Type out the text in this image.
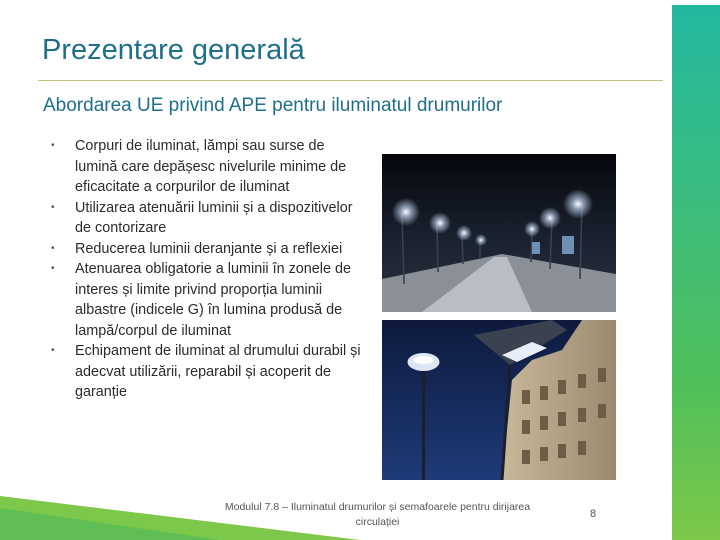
Prezentare generală
Abordarea UE privind APE pentru iluminatul drumurilor
• Corpuri de iluminat, lămpi sau surse de lumină care depășesc nivelurile minime de eficacitate a corpurilor de iluminat
• Utilizarea atenuării luminii și a dispozitivelor de contorizare
• Reducerea luminii deranjante și a reflexiei
• Atenuarea obligatorie a luminii în zonele de interes și limite privind proporția luminii albastre (indicele G) în lumina produsă de lampă/corpul de iluminat
• Echipament de iluminat al drumului durabil și adecvat utilizării, reparabil și acoperit de garanție
Modulul 7.8 – Iluminatul drumurilor și semafoarele pentru dirijarea circulației
8
